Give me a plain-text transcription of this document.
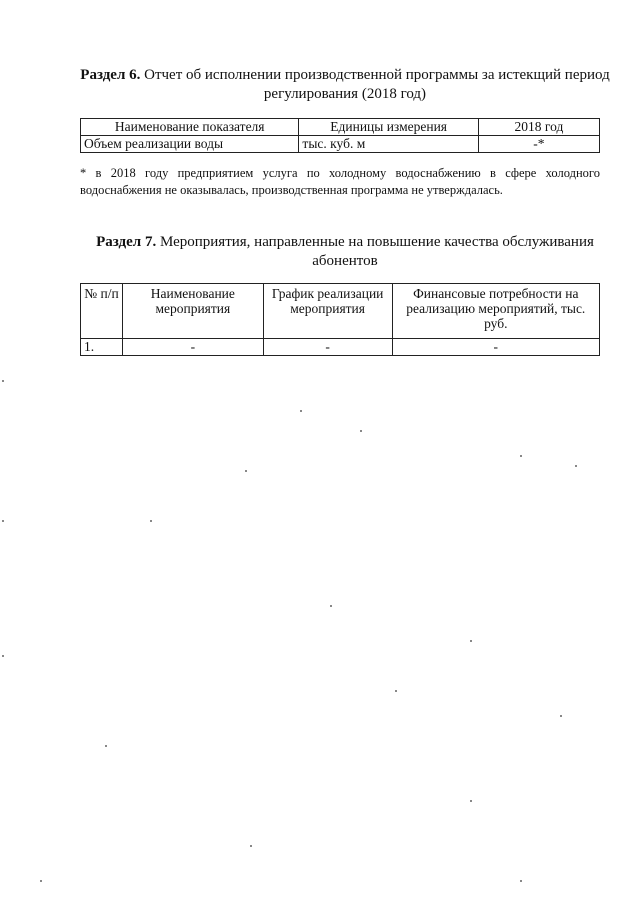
Раздел 6. Отчет об исполнении производственной программы за истекщий период регулирования (2018 год)
Наименование показателя	Единицы измерения	2018 год
Объем реализации воды	тыс. куб. м	-*
* в 2018 году предприятием услуга по холодному водоснабжению в сфере холодного водоснабжения не оказывалась, производственная программа не утверждалась.
Раздел 7. Мероприятия, направленные на повышение качества обслуживания абонентов
№ п/п	Наименование мероприятия	График реализации мероприятия	Финансовые потребности на реализацию мероприятий, тыс. руб.
1.	-	-	-
